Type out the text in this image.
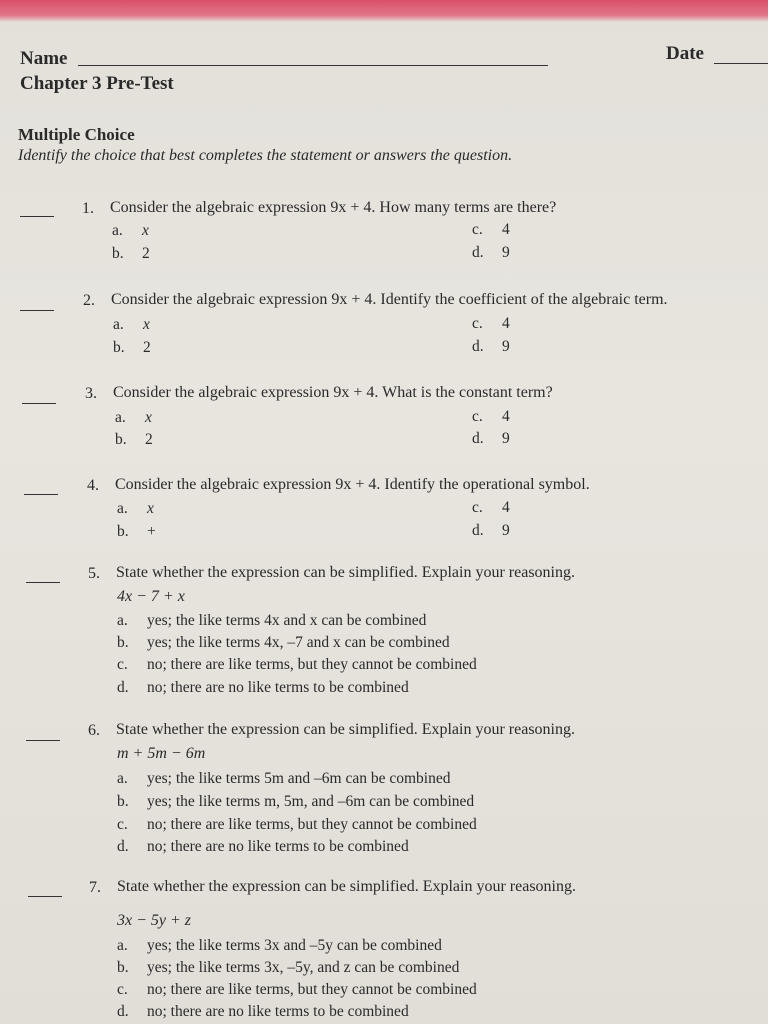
Name	Date
Chapter 3 Pre-Test
Multiple Choice
Identify the choice that best completes the statement or answers the question.
1. Consider the algebraic expression 9x + 4. How many terms are there?
a. x
b. 2
c. 4
d. 9
2. Consider the algebraic expression 9x + 4. Identify the coefficient of the algebraic term.
a. x
b. 2
c. 4
d. 9
3. Consider the algebraic expression 9x + 4. What is the constant term?
a. x
b. 2
c. 4
d. 9
4. Consider the algebraic expression 9x + 4. Identify the operational symbol.
a. x
b. +
c. 4
d. 9
5. State whether the expression can be simplified. Explain your reasoning.
4x − 7 + x
a. yes; the like terms 4x and x can be combined
b. yes; the like terms 4x, –7 and x can be combined
c. no; there are like terms, but they cannot be combined
d. no; there are no like terms to be combined
6. State whether the expression can be simplified. Explain your reasoning.
m + 5m − 6m
a. yes; the like terms 5m and –6m can be combined
b. yes; the like terms m, 5m, and –6m can be combined
c. no; there are like terms, but they cannot be combined
d. no; there are no like terms to be combined
7. State whether the expression can be simplified. Explain your reasoning.
3x − 5y + z
a. yes; the like terms 3x and –5y can be combined
b. yes; the like terms 3x, –5y, and z can be combined
c. no; there are like terms, but they cannot be combined
d. no; there are no like terms to be combined
